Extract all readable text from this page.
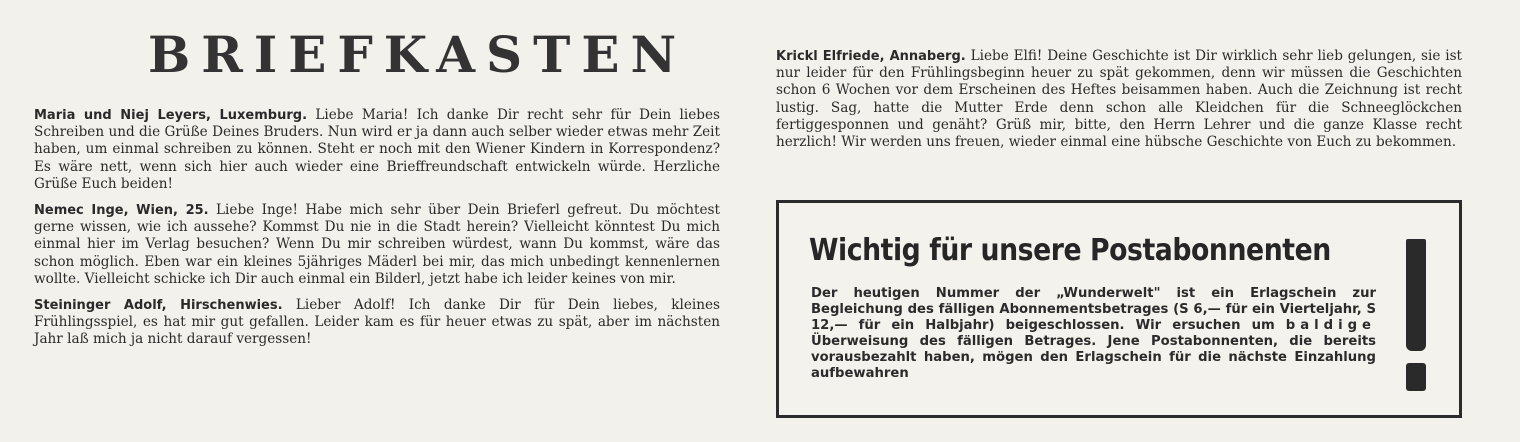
BRIEFKASTEN

Maria und Niej Leyers, Luxemburg. Liebe Maria! Ich danke Dir recht sehr für Dein liebes Schreiben und die Grüße Deines Bruders. Nun wird er ja dann auch selber wieder etwas mehr Zeit haben, um einmal schreiben zu können. Steht er noch mit den Wiener Kindern in Korrespondenz? Es wäre nett, wenn sich hier auch wieder eine Brieffreundschaft entwickeln würde. Herzliche Grüße Euch beiden!

Nemec Inge, Wien, 25. Liebe Inge! Habe mich sehr über Dein Brieferl gefreut. Du möchtest gerne wissen, wie ich aussehe? Kommst Du nie in die Stadt herein? Vielleicht könntest Du mich einmal hier im Verlag besuchen? Wenn Du mir schreiben würdest, wann Du kommst, wäre das schon möglich. Eben war ein kleines 5jähriges Mäderl bei mir, das mich unbedingt kennenlernen wollte. Vielleicht schicke ich Dir auch einmal ein Bilderl, jetzt habe ich leider keines von mir.

Steininger Adolf, Hirschenwies. Lieber Adolf! Ich danke Dir für Dein liebes, kleines Frühlingsspiel, es hat mir gut gefallen. Leider kam es für heuer etwas zu spät, aber im nächsten Jahr laß mich ja nicht darauf vergessen!

Krickl Elfriede, Annaberg. Liebe Elfi! Deine Geschichte ist Dir wirklich sehr lieb gelungen, sie ist nur leider für den Frühlingsbeginn heuer zu spät gekommen, denn wir müssen die Geschichten schon 6 Wochen vor dem Erscheinen des Heftes beisammen haben. Auch die Zeichnung ist recht lustig. Sag, hatte die Mutter Erde denn schon alle Kleidchen für die Schneeglöckchen fertiggesponnen und genäht? Grüß mir, bitte, den Herrn Lehrer und die ganze Klasse recht herzlich! Wir werden uns freuen, wieder einmal eine hübsche Geschichte von Euch zu bekommen.

Wichtig für unsere Postabonnenten

Der heutigen Nummer der „Wunderwelt" ist ein Erlagschein zur Begleichung des fälligen Abonnementsbetrages (S 6,— für ein Vierteljahr, S 12,— für ein Halbjahr) beigeschlossen. Wir ersuchen um baldige Überweisung des fälligen Betrages. Jene Postabonnenten, die bereits vorausbezahlt haben, mögen den Erlagschein für die nächste Einzahlung aufbewahren
